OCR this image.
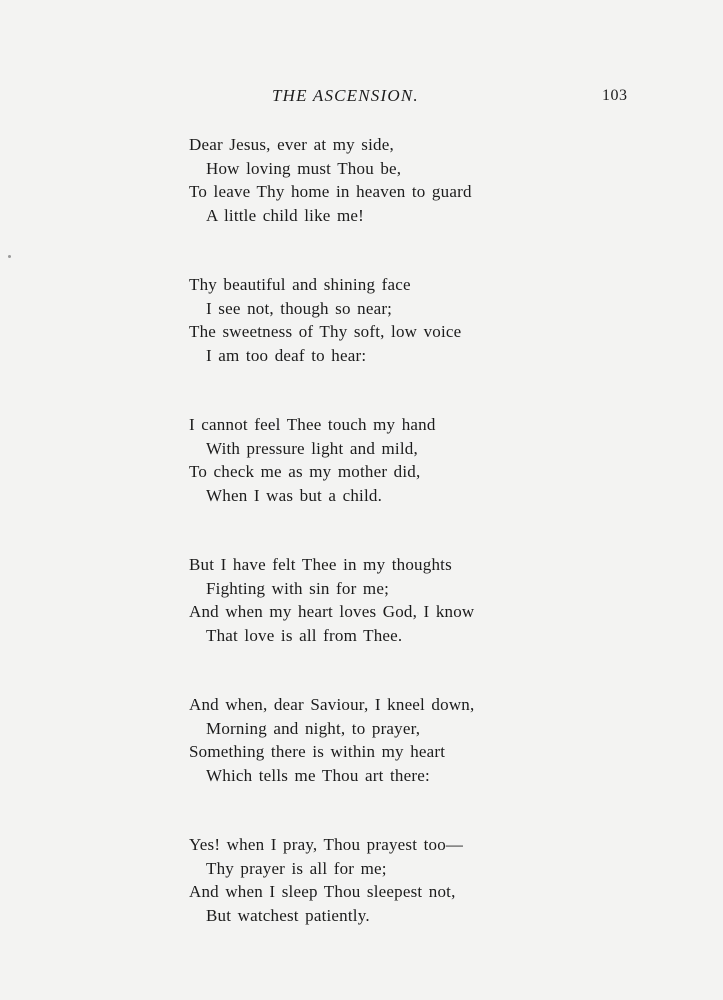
THE ASCENSION.	103
Dear Jesus, ever at my side,
How loving must Thou be,
To leave Thy home in heaven to guard
A little child like me!
Thy beautiful and shining face
I see not, though so near;
The sweetness of Thy soft, low voice
I am too deaf to hear:
I cannot feel Thee touch my hand
With pressure light and mild,
To check me as my mother did,
When I was but a child.
But I have felt Thee in my thoughts
Fighting with sin for me;
And when my heart loves God, I know
That love is all from Thee.
And when, dear Saviour, I kneel down,
Morning and night, to prayer,
Something there is within my heart
Which tells me Thou art there:
Yes! when I pray, Thou prayest too—
Thy prayer is all for me;
And when I sleep Thou sleepest not,
But watchest patiently.
